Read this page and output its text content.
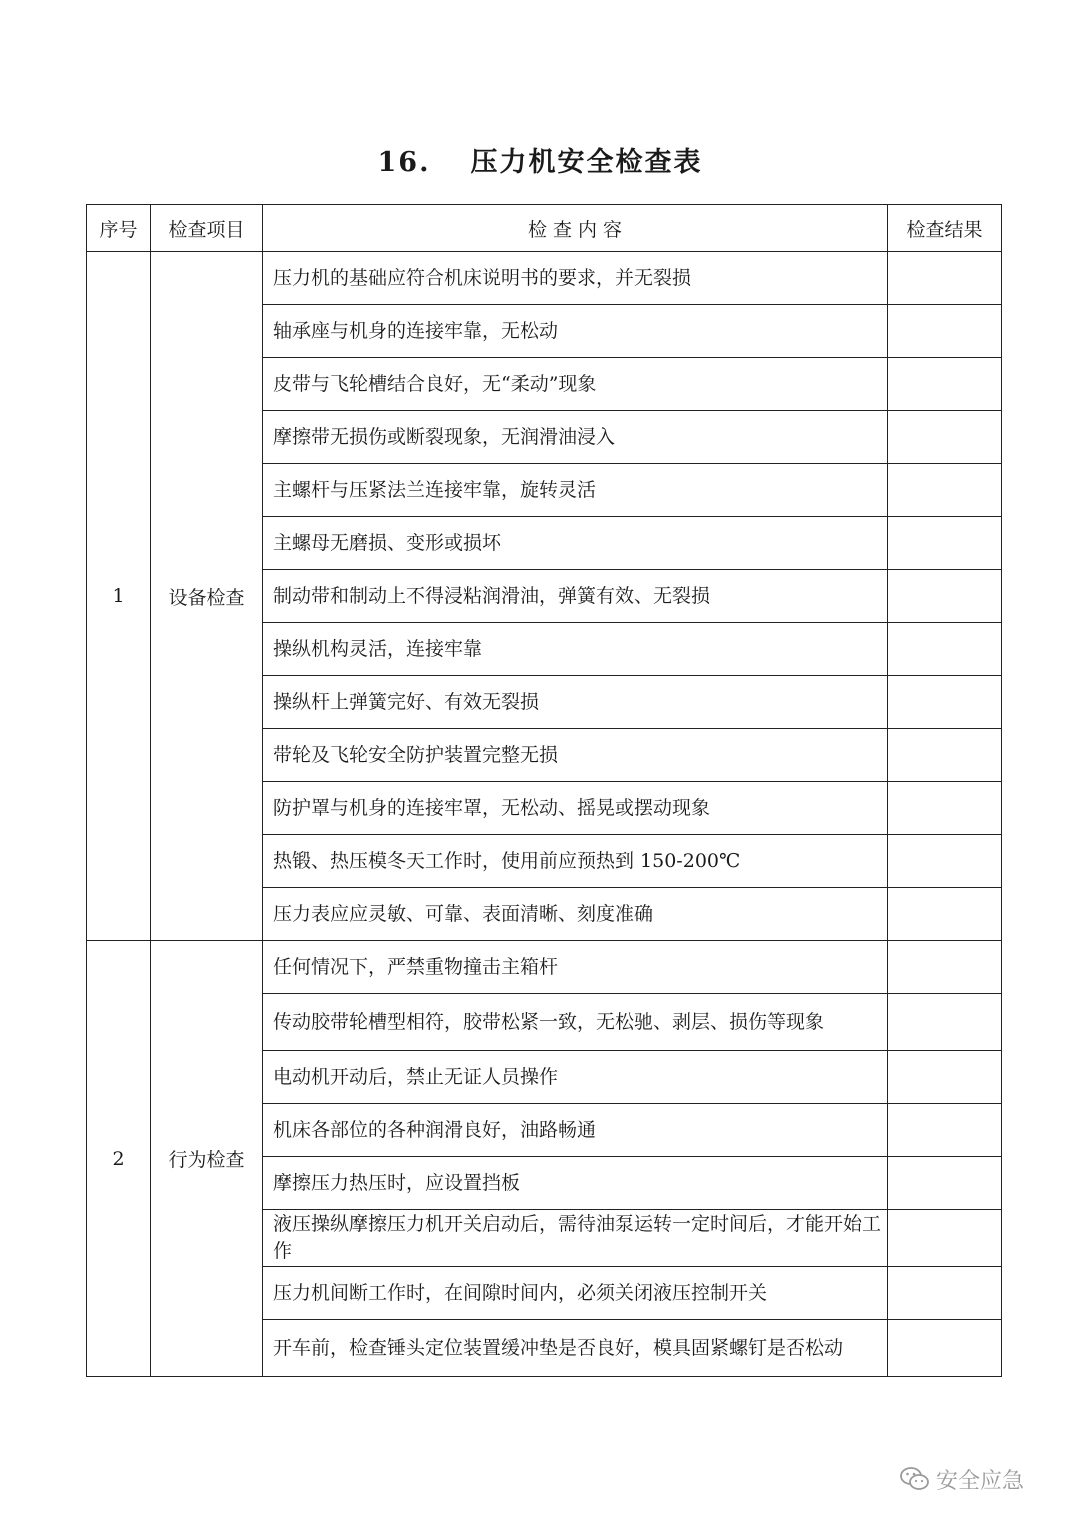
16. 压力机安全检查表
序号	检查项目	检 查 内 容	检查结果
1	设备检查	压力机的基础应符合机床说明书的要求，并无裂损	
		轴承座与机身的连接牢靠，无松动	
		皮带与飞轮槽结合良好，无“柔动”现象	
		摩擦带无损伤或断裂现象，无润滑油浸入	
		主螺杆与压紧法兰连接牢靠，旋转灵活	
		主螺母无磨损、变形或损坏	
		制动带和制动上不得浸粘润滑油，弹簧有效、无裂损	
		操纵机构灵活，连接牢靠	
		操纵杆上弹簧完好、有效无裂损	
		带轮及飞轮安全防护装置完整无损	
		防护罩与机身的连接牢罩，无松动、摇晃或摆动现象	
		热锻、热压模冬天工作时，使用前应预热到 150-200℃	
		压力表应应灵敏、可靠、表面清晰、刻度准确	
2	行为检查	任何情况下，严禁重物撞击主箱杆	
		传动胶带轮槽型相符，胶带松紧一致，无松驰、剥层、损伤等现象	
		电动机开动后，禁止无证人员操作	
		机床各部位的各种润滑良好，油路畅通	
		摩擦压力热压时，应设置挡板	
		液压操纵摩擦压力机开关启动后，需待油泵运转一定时间后，才能开始工作	
		压力机间断工作时，在间隙时间内，必须关闭液压控制开关	
		开车前，检查锤头定位装置缓冲垫是否良好，模具固紧螺钉是否松动	
安全应急
